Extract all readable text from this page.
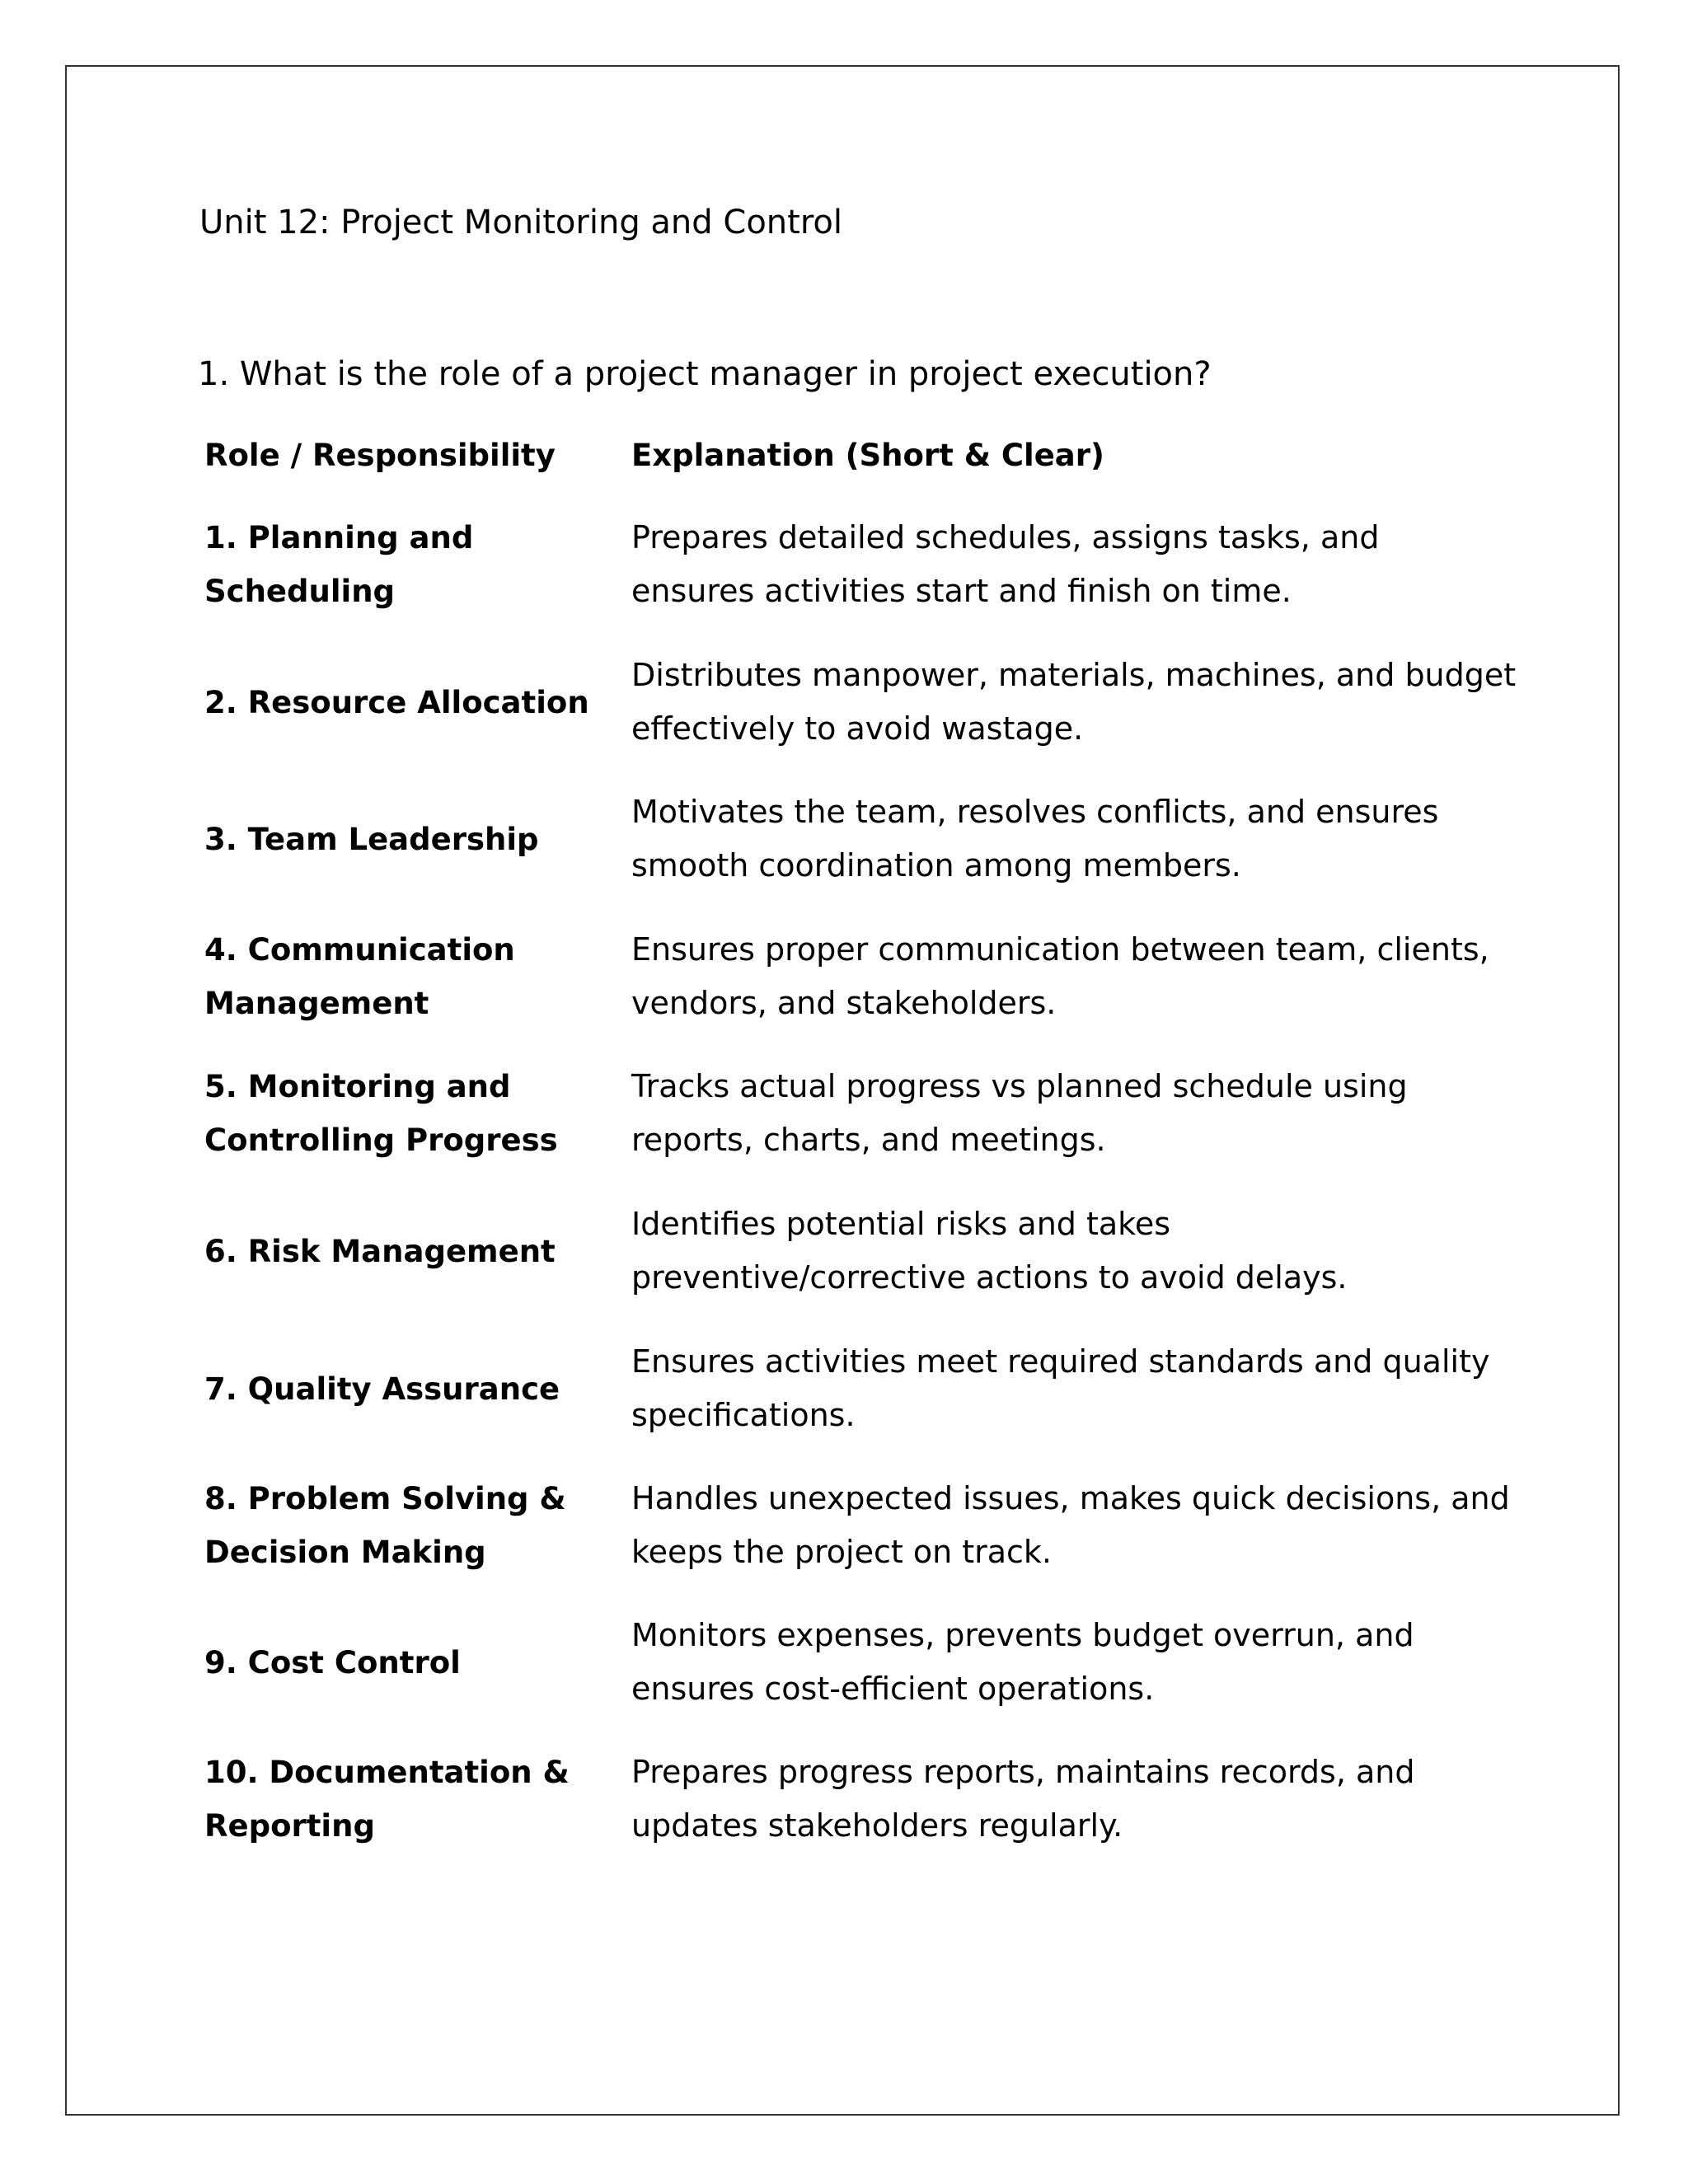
Unit 12: Project Monitoring and Control
1. What is the role of a project manager in project execution?
Role / Responsibility	Explanation (Short & Clear)
1. Planning and
Scheduling
Prepares detailed schedules, assigns tasks, and
ensures activities start and finish on time.
2. Resource Allocation
Distributes manpower, materials, machines, and budget
effectively to avoid wastage.
3. Team Leadership
Motivates the team, resolves conflicts, and ensures
smooth coordination among members.
4. Communication
Management
Ensures proper communication between team, clients,
vendors, and stakeholders.
5. Monitoring and
Controlling Progress
Tracks actual progress vs planned schedule using
reports, charts, and meetings.
6. Risk Management
Identifies potential risks and takes
preventive/corrective actions to avoid delays.
7. Quality Assurance
Ensures activities meet required standards and quality
specifications.
8. Problem Solving &
Decision Making
Handles unexpected issues, makes quick decisions, and
keeps the project on track.
9. Cost Control
Monitors expenses, prevents budget overrun, and
ensures cost-efficient operations.
10. Documentation &
Reporting
Prepares progress reports, maintains records, and
updates stakeholders regularly.
